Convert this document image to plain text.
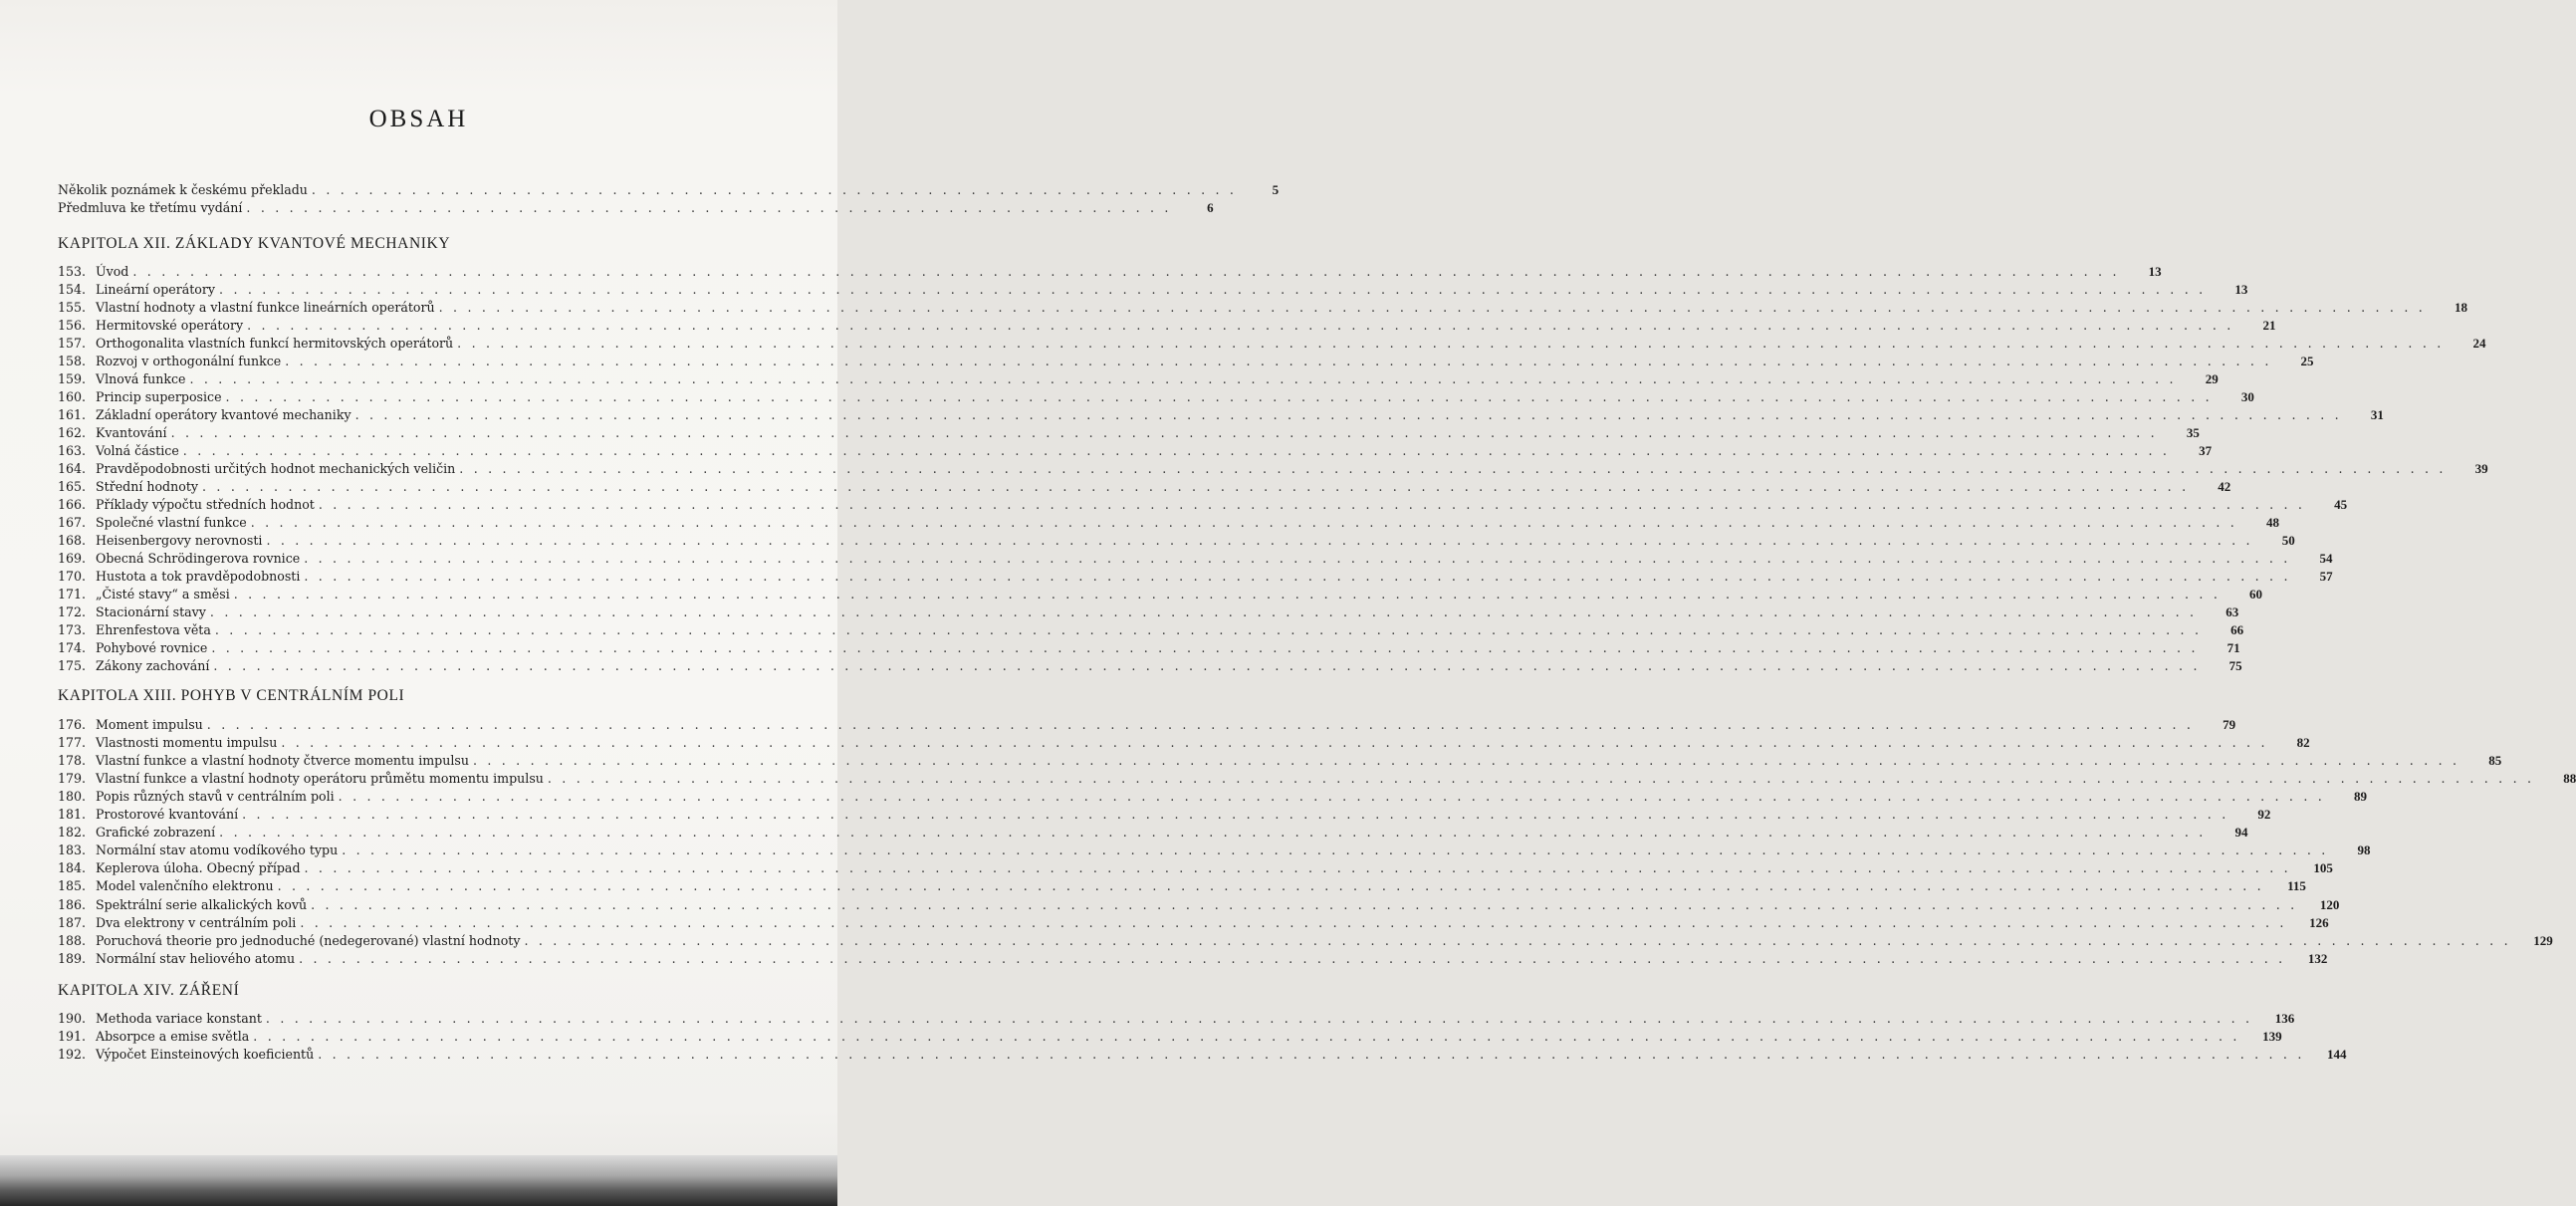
OBSAH
Několik poznámek k českému překladu . . . . . . . . . . . . . . . . . . . . . . . . . . . . . . . . . . . . . . . . . . . . . . . . . . . . . . . . . . . . . . . . .	5
Předmluva ke třetímu vydání . . . . . . . . . . . . . . . . . . . . . . . . . . . . . . . . . . . . . . . . . . . . . . . . . . . . . . . . . . . . . . . . .	6
KAPITOLA XII. ZÁKLADY KVANTOVÉ MECHANIKY
153. Úvod . . . . . . . . . . . . . . . . . . . . . . . . . . . . . . . . . . . . . . . . . . . . . . . . . . . . . . . . . . . . . . . . . . . . . . . . . . . . . . . . . . . . . . . . . . . . . . . . . . . . . . . . . . . . . . . . . . . . . . . . . . . . . . . . . . . . . . . . . . .	13
154. Lineární operátory . . . . . . . . . . . . . . . . . . . . . . . . . . . . . . . . . . . . . . . . . . . . . . . . . . . . . . . . . . . . . . . . . . . . . . . . . . . . . . . . . . . . . . . . . . . . . . . . . . . . . . . . . . . . . . . . . . . . . . . . . . . . . . . . . . . . . . . . . . .	13
155. Vlastní hodnoty a vlastní funkce lineárních operátorů . . . . . . . . . . . . . . . . . . . . . . . . . . . . . . . . . . . . . . . . . . . . . . . . . . . . . . . . . . . . . . . . . . . . . . . . . . . . . . . . . . . . . . . . . . . . . . . . . . . . . . . . . . . . . . . . . . . . . . . . . . . . . . . . . . . . . . . . . . .	18
156. Hermitovské operátory . . . . . . . . . . . . . . . . . . . . . . . . . . . . . . . . . . . . . . . . . . . . . . . . . . . . . . . . . . . . . . . . . . . . . . . . . . . . . . . . . . . . . . . . . . . . . . . . . . . . . . . . . . . . . . . . . . . . . . . . . . . . . . . . . . . . . . . . . . .	21
157. Orthogonalita vlastních funkcí hermitovských operátorů . . . . . . . . . . . . . . . . . . . . . . . . . . . . . . . . . . . . . . . . . . . . . . . . . . . . . . . . . . . . . . . . . . . . . . . . . . . . . . . . . . . . . . . . . . . . . . . . . . . . . . . . . . . . . . . . . . . . . . . . . . . . . . . . . . . . . . . . . . .	24
158. Rozvoj v orthogonální funkce . . . . . . . . . . . . . . . . . . . . . . . . . . . . . . . . . . . . . . . . . . . . . . . . . . . . . . . . . . . . . . . . . . . . . . . . . . . . . . . . . . . . . . . . . . . . . . . . . . . . . . . . . . . . . . . . . . . . . . . . . . . . . . . . . . . . . . . . . . .	25
159. Vlnová funkce . . . . . . . . . . . . . . . . . . . . . . . . . . . . . . . . . . . . . . . . . . . . . . . . . . . . . . . . . . . . . . . . . . . . . . . . . . . . . . . . . . . . . . . . . . . . . . . . . . . . . . . . . . . . . . . . . . . . . . . . . . . . . . . . . . . . . . . . . . .	29
160. Princip superposice . . . . . . . . . . . . . . . . . . . . . . . . . . . . . . . . . . . . . . . . . . . . . . . . . . . . . . . . . . . . . . . . . . . . . . . . . . . . . . . . . . . . . . . . . . . . . . . . . . . . . . . . . . . . . . . . . . . . . . . . . . . . . . . . . . . . . . . . . . .	30
161. Základní operátory kvantové mechaniky . . . . . . . . . . . . . . . . . . . . . . . . . . . . . . . . . . . . . . . . . . . . . . . . . . . . . . . . . . . . . . . . . . . . . . . . . . . . . . . . . . . . . . . . . . . . . . . . . . . . . . . . . . . . . . . . . . . . . . . . . . . . . . . . . . . . . . . . . . .	31
162. Kvantování . . . . . . . . . . . . . . . . . . . . . . . . . . . . . . . . . . . . . . . . . . . . . . . . . . . . . . . . . . . . . . . . . . . . . . . . . . . . . . . . . . . . . . . . . . . . . . . . . . . . . . . . . . . . . . . . . . . . . . . . . . . . . . . . . . . . . . . . . . .	35
163. Volná částice . . . . . . . . . . . . . . . . . . . . . . . . . . . . . . . . . . . . . . . . . . . . . . . . . . . . . . . . . . . . . . . . . . . . . . . . . . . . . . . . . . . . . . . . . . . . . . . . . . . . . . . . . . . . . . . . . . . . . . . . . . . . . . . . . . . . . . . . . . .	37
164. Pravděpodobnosti určitých hodnot mechanických veličin . . . . . . . . . . . . . . . . . . . . . . . . . . . . . . . . . . . . . . . . . . . . . . . . . . . . . . . . . . . . . . . . . . . . . . . . . . . . . . . . . . . . . . . . . . . . . . . . . . . . . . . . . . . . . . . . . . . . . . . . . . . . . . . . . . . . . . . . . . .	39
165. Střední hodnoty . . . . . . . . . . . . . . . . . . . . . . . . . . . . . . . . . . . . . . . . . . . . . . . . . . . . . . . . . . . . . . . . . . . . . . . . . . . . . . . . . . . . . . . . . . . . . . . . . . . . . . . . . . . . . . . . . . . . . . . . . . . . . . . . . . . . . . . . . . .	42
166. Příklady výpočtu středních hodnot . . . . . . . . . . . . . . . . . . . . . . . . . . . . . . . . . . . . . . . . . . . . . . . . . . . . . . . . . . . . . . . . . . . . . . . . . . . . . . . . . . . . . . . . . . . . . . . . . . . . . . . . . . . . . . . . . . . . . . . . . . . . . . . . . . . . . . . . . . .	45
167. Společné vlastní funkce . . . . . . . . . . . . . . . . . . . . . . . . . . . . . . . . . . . . . . . . . . . . . . . . . . . . . . . . . . . . . . . . . . . . . . . . . . . . . . . . . . . . . . . . . . . . . . . . . . . . . . . . . . . . . . . . . . . . . . . . . . . . . . . . . . . . . . . . . . .	48
168. Heisenbergovy nerovnosti . . . . . . . . . . . . . . . . . . . . . . . . . . . . . . . . . . . . . . . . . . . . . . . . . . . . . . . . . . . . . . . . . . . . . . . . . . . . . . . . . . . . . . . . . . . . . . . . . . . . . . . . . . . . . . . . . . . . . . . . . . . . . . . . . . . . . . . . . . .	50
169. Obecná Schrödingerova rovnice . . . . . . . . . . . . . . . . . . . . . . . . . . . . . . . . . . . . . . . . . . . . . . . . . . . . . . . . . . . . . . . . . . . . . . . . . . . . . . . . . . . . . . . . . . . . . . . . . . . . . . . . . . . . . . . . . . . . . . . . . . . . . . . . . . . . . . . . . . .	54
170. Hustota a tok pravděpodobnosti . . . . . . . . . . . . . . . . . . . . . . . . . . . . . . . . . . . . . . . . . . . . . . . . . . . . . . . . . . . . . . . . . . . . . . . . . . . . . . . . . . . . . . . . . . . . . . . . . . . . . . . . . . . . . . . . . . . . . . . . . . . . . . . . . . . . . . . . . . .	57
171. „Čisté stavy“ a směsi . . . . . . . . . . . . . . . . . . . . . . . . . . . . . . . . . . . . . . . . . . . . . . . . . . . . . . . . . . . . . . . . . . . . . . . . . . . . . . . . . . . . . . . . . . . . . . . . . . . . . . . . . . . . . . . . . . . . . . . . . . . . . . . . . . . . . . . . . . .	60
172. Stacionární stavy . . . . . . . . . . . . . . . . . . . . . . . . . . . . . . . . . . . . . . . . . . . . . . . . . . . . . . . . . . . . . . . . . . . . . . . . . . . . . . . . . . . . . . . . . . . . . . . . . . . . . . . . . . . . . . . . . . . . . . . . . . . . . . . . . . . . . . . . . . .	63
173. Ehrenfestova věta . . . . . . . . . . . . . . . . . . . . . . . . . . . . . . . . . . . . . . . . . . . . . . . . . . . . . . . . . . . . . . . . . . . . . . . . . . . . . . . . . . . . . . . . . . . . . . . . . . . . . . . . . . . . . . . . . . . . . . . . . . . . . . . . . . . . . . . . . . .	66
174. Pohybové rovnice . . . . . . . . . . . . . . . . . . . . . . . . . . . . . . . . . . . . . . . . . . . . . . . . . . . . . . . . . . . . . . . . . . . . . . . . . . . . . . . . . . . . . . . . . . . . . . . . . . . . . . . . . . . . . . . . . . . . . . . . . . . . . . . . . . . . . . . . . . .	71
175. Zákony zachování . . . . . . . . . . . . . . . . . . . . . . . . . . . . . . . . . . . . . . . . . . . . . . . . . . . . . . . . . . . . . . . . . . . . . . . . . . . . . . . . . . . . . . . . . . . . . . . . . . . . . . . . . . . . . . . . . . . . . . . . . . . . . . . . . . . . . . . . . . .	75
KAPITOLA XIII. POHYB V CENTRÁLNÍM POLI
176. Moment impulsu . . . . . . . . . . . . . . . . . . . . . . . . . . . . . . . . . . . . . . . . . . . . . . . . . . . . . . . . . . . . . . . . . . . . . . . . . . . . . . . . . . . . . . . . . . . . . . . . . . . . . . . . . . . . . . . . . . . . . . . . . . . . . . . . . . . . . . . . . . .	79
177. Vlastnosti momentu impulsu . . . . . . . . . . . . . . . . . . . . . . . . . . . . . . . . . . . . . . . . . . . . . . . . . . . . . . . . . . . . . . . . . . . . . . . . . . . . . . . . . . . . . . . . . . . . . . . . . . . . . . . . . . . . . . . . . . . . . . . . . . . . . . . . . . . . . . . . . . .	82
178. Vlastní funkce a vlastní hodnoty čtverce momentu impulsu . . . . . . . . . . . . . . . . . . . . . . . . . . . . . . . . . . . . . . . . . . . . . . . . . . . . . . . . . . . . . . . . . . . . . . . . . . . . . . . . . . . . . . . . . . . . . . . . . . . . . . . . . . . . . . . . . . . . . . . . . . . . . . . . . . . . . . . . . . .	85
179. Vlastní funkce a vlastní hodnoty operátoru průmětu momentu impulsu . . . . . . . . . . . . . . . . . . . . . . . . . . . . . . . . . . . . . . . . . . . . . . . . . . . . . . . . . . . . . . . . . . . . . . . . . . . . . . . . . . . . . . . . . . . . . . . . . . . . . . . . . . . . . . . . . . . . . . . . . . . . . . . . . . . . . . . . . . .	88
180. Popis různých stavů v centrálním poli . . . . . . . . . . . . . . . . . . . . . . . . . . . . . . . . . . . . . . . . . . . . . . . . . . . . . . . . . . . . . . . . . . . . . . . . . . . . . . . . . . . . . . . . . . . . . . . . . . . . . . . . . . . . . . . . . . . . . . . . . . . . . . . . . . . . . . . . . . .	89
181. Prostorové kvantování . . . . . . . . . . . . . . . . . . . . . . . . . . . . . . . . . . . . . . . . . . . . . . . . . . . . . . . . . . . . . . . . . . . . . . . . . . . . . . . . . . . . . . . . . . . . . . . . . . . . . . . . . . . . . . . . . . . . . . . . . . . . . . . . . . . . . . . . . . .	92
182. Grafické zobrazení . . . . . . . . . . . . . . . . . . . . . . . . . . . . . . . . . . . . . . . . . . . . . . . . . . . . . . . . . . . . . . . . . . . . . . . . . . . . . . . . . . . . . . . . . . . . . . . . . . . . . . . . . . . . . . . . . . . . . . . . . . . . . . . . . . . . . . . . . . .	94
183. Normální stav atomu vodíkového typu . . . . . . . . . . . . . . . . . . . . . . . . . . . . . . . . . . . . . . . . . . . . . . . . . . . . . . . . . . . . . . . . . . . . . . . . . . . . . . . . . . . . . . . . . . . . . . . . . . . . . . . . . . . . . . . . . . . . . . . . . . . . . . . . . . . . . . . . . . .	98
184. Keplerova úloha. Obecný případ . . . . . . . . . . . . . . . . . . . . . . . . . . . . . . . . . . . . . . . . . . . . . . . . . . . . . . . . . . . . . . . . . . . . . . . . . . . . . . . . . . . . . . . . . . . . . . . . . . . . . . . . . . . . . . . . . . . . . . . . . . . . . . . . . . . . . . . . . . .	105
185. Model valenčního elektronu . . . . . . . . . . . . . . . . . . . . . . . . . . . . . . . . . . . . . . . . . . . . . . . . . . . . . . . . . . . . . . . . . . . . . . . . . . . . . . . . . . . . . . . . . . . . . . . . . . . . . . . . . . . . . . . . . . . . . . . . . . . . . . . . . . . . . . . . . . .	115
186. Spektrální serie alkalických kovů . . . . . . . . . . . . . . . . . . . . . . . . . . . . . . . . . . . . . . . . . . . . . . . . . . . . . . . . . . . . . . . . . . . . . . . . . . . . . . . . . . . . . . . . . . . . . . . . . . . . . . . . . . . . . . . . . . . . . . . . . . . . . . . . . . . . . . . . . . .	120
187. Dva elektrony v centrálním poli . . . . . . . . . . . . . . . . . . . . . . . . . . . . . . . . . . . . . . . . . . . . . . . . . . . . . . . . . . . . . . . . . . . . . . . . . . . . . . . . . . . . . . . . . . . . . . . . . . . . . . . . . . . . . . . . . . . . . . . . . . . . . . . . . . . . . . . . . . .	126
188. Poruchová theorie pro jednoduché (nedegerované) vlastní hodnoty . . . . . . . . . . . . . . . . . . . . . . . . . . . . . . . . . . . . . . . . . . . . . . . . . . . . . . . . . . . . . . . . . . . . . . . . . . . . . . . . . . . . . . . . . . . . . . . . . . . . . . . . . . . . . . . . . . . . . . . . . . . . . . . . . . . . . . . . . . .	129
189. Normální stav heliového atomu . . . . . . . . . . . . . . . . . . . . . . . . . . . . . . . . . . . . . . . . . . . . . . . . . . . . . . . . . . . . . . . . . . . . . . . . . . . . . . . . . . . . . . . . . . . . . . . . . . . . . . . . . . . . . . . . . . . . . . . . . . . . . . . . . . . . . . . . . . .	132
KAPITOLA XIV. ZÁŘENÍ
190. Methoda variace konstant . . . . . . . . . . . . . . . . . . . . . . . . . . . . . . . . . . . . . . . . . . . . . . . . . . . . . . . . . . . . . . . . . . . . . . . . . . . . . . . . . . . . . . . . . . . . . . . . . . . . . . . . . . . . . . . . . . . . . . . . . . . . . . . . . . . . . . . . . . .	136
191. Absorpce a emise světla . . . . . . . . . . . . . . . . . . . . . . . . . . . . . . . . . . . . . . . . . . . . . . . . . . . . . . . . . . . . . . . . . . . . . . . . . . . . . . . . . . . . . . . . . . . . . . . . . . . . . . . . . . . . . . . . . . . . . . . . . . . . . . . . . . . . . . . . . . .	139
192. Výpočet Einsteinových koeficientů . . . . . . . . . . . . . . . . . . . . . . . . . . . . . . . . . . . . . . . . . . . . . . . . . . . . . . . . . . . . . . . . . . . . . . . . . . . . . . . . . . . . . . . . . . . . . . . . . . . . . . . . . . . . . . . . . . . . . . . . . . . . . . . . . . . . . . . . . . .	144
